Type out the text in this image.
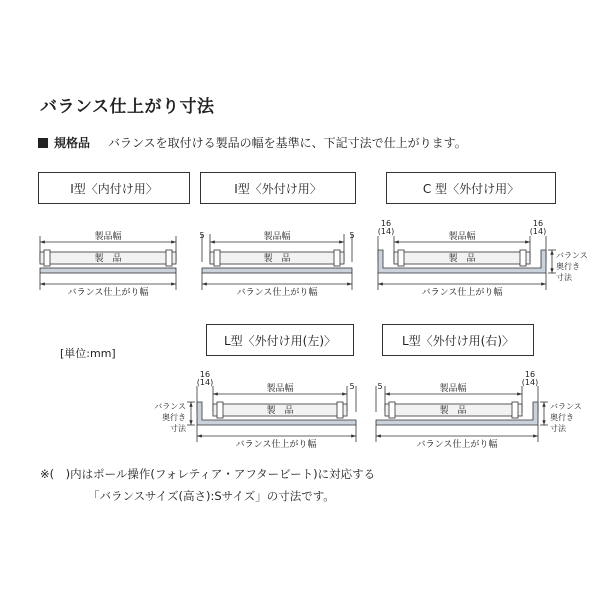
バランス仕上がり寸法
規格品 バランスを取付ける製品の幅を基準に、下記寸法で仕上がります。
I型〈内付け用〉	I型〈外付け用〉	C 型〈外付け用〉
L型〈外付け用(左)〉	L型〈外付け用(右)〉
[単位:mm]
製品幅
製　品
バランス仕上がり幅
5	5
製品幅
製　品
バランス仕上がり幅
16
(14)
16
(14)
製品幅
製　品	バランス
奥行き
寸法
バランス仕上がり幅
16
(14)	5
製品幅
製　品
バランス
奥行き
寸法
バランス仕上がり幅
5
16
(14)
製品幅
製　品	バランス
奥行き
寸法
バランス仕上がり幅
※(　)内はポール操作(フォレティア・アフタービート)に対応する
「バランスサイズ(高さ):Sサイズ」の寸法です。
